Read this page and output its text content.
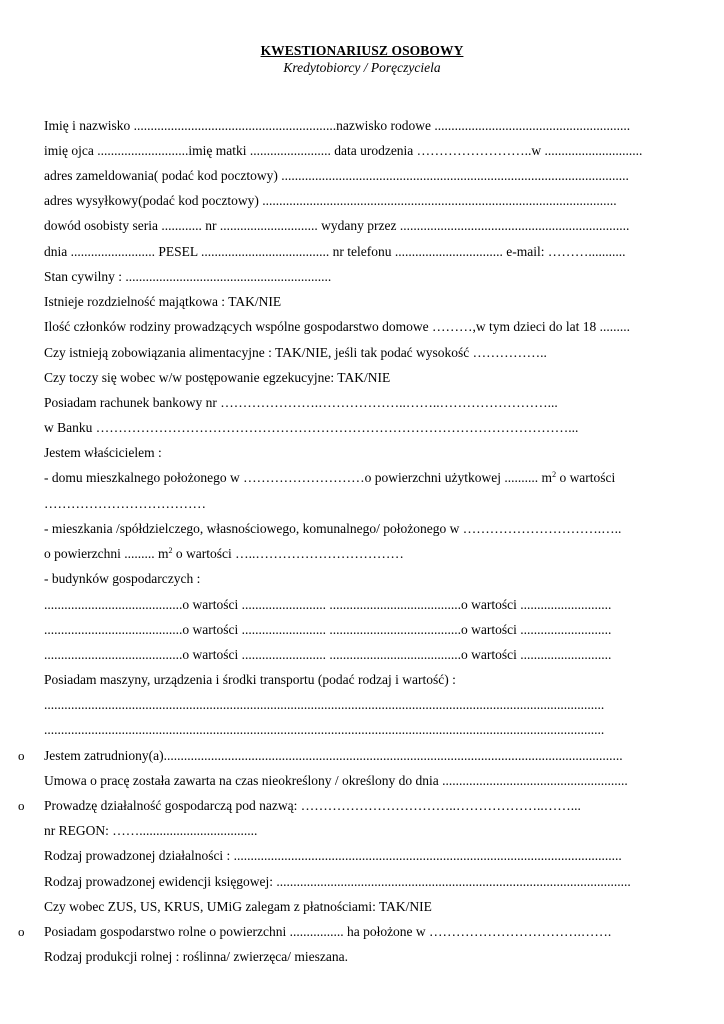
KWESTIONARIUSZ OSOBOWY
Kredytobiorcy / Poręczyciela
Imię i nazwisko ............................................................nazwisko rodowe ..........................................................
imię ojca ...........................imię matki ........................ data urodzenia ……………………..w .............................
adres zameldowania( podać kod pocztowy) .......................................................................................................
adres wysyłkowy(podać kod pocztowy) .........................................................................................................
dowód osobisty seria ............ nr ............................. wydany przez ....................................................................
dnia ......................... PESEL ...................................... nr telefonu ................................ e-mail: ………...........
Stan cywilny : .............................................................
Istnieje rozdzielność majątkowa : TAK/NIE
Ilość członków rodziny prowadzących wspólne gospodarstwo domowe ………,w tym dzieci do lat 18 .........
Czy istnieją zobowiązania alimentacyjne : TAK/NIE, jeśli tak podać wysokość ……………..
Czy toczy się wobec w/w postępowanie egzekucyjne: TAK/NIE
Posiadam rachunek bankowy nr ………………….………………..……..……………………...
w Banku ……………………………………………………………………………………………...
Jestem właścicielem :
- domu mieszkalnego położonego w ………………………o powierzchni użytkowej .......... $m^2$ o wartości
………………………………
- mieszkania /spółdzielczego, własnościowego, komunalnego/ położonego w ………………………….…..
o powierzchni ......... $m^2$ o wartości …..……………………………
- budynków gospodarczych :
.........................................o wartości ......................... .......................................o wartości ...........................
.........................................o wartości ......................... .......................................o wartości ...........................
.........................................o wartości ......................... .......................................o wartości ...........................
Posiadam maszyny, urządzenia i środki transportu (podać rodzaj i wartość) :
......................................................................................................................................................................
......................................................................................................................................................................
o Jestem zatrudniony(a)........................................................................................................................................
Umowa o pracę została zawarta na czas nieokreślony / określony do dnia .......................................................
o Prowadzę działalność gospodarczą pod nazwą: ……………………………..………………..……...
nr REGON: ……...................................
Rodzaj prowadzonej działalności : ...................................................................................................................
Rodzaj prowadzonej ewidencji księgowej: .........................................................................................................
Czy wobec ZUS, US, KRUS, UMiG zalegam z płatnościami: TAK/NIE
o Posiadam gospodarstwo rolne o powierzchni ................ ha położone w …………………………….…….
Rodzaj produkcji rolnej : roślinna/ zwierzęca/ mieszana.
